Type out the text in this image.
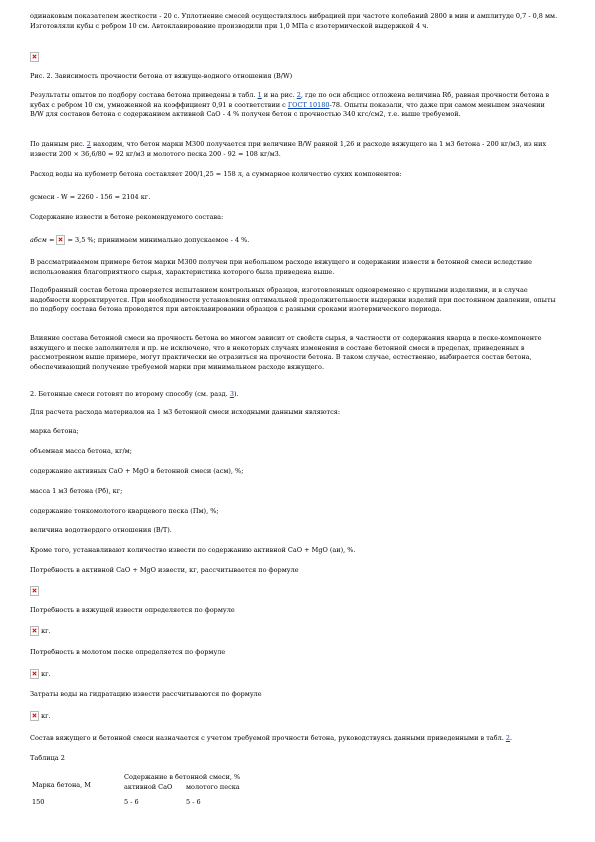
одинаковым показателем жесткости - 20 с. Уплотнение смесей осуществлялось вибрацией при частоте колебаний 2800 в мин и амплитуде 0,7 - 0,8 мм. Изготовляли кубы с ребром 10 см. Автоклавирование производили при 1,0 МПа с изотермической выдержкой 4 ч.

Рис. 2. Зависимость прочности бетона от вяжуще-водного отношения (В/W)

Результаты опытов по подбору состава бетона приведены в табл. 1 и на рис. 2, где по оси абсцисс отложена величина Rб, равная прочности бетона в кубах с ребром 10 см, умноженной на коэффициент 0,91 в соответствии с ГОСТ 10180-78. Опыты показали, что даже при самом меньшем значении В/W для составов бетона с содержанием активной СаО - 4 % получен бетон с прочностью 340 кгс/см2, т.е. выше требуемой.

По данным рис. 2 находим, что бетон марки М300 получается при величине В/W равной 1,26 и расходе вяжущего на 1 м3 бетона - 200 кг/м3, из них извести 200 × 36,6/80 = 92 кг/м3 и молотого песка 200 - 92 = 108 кг/м3.

Расход воды на кубометр бетона составляет 200/1,25 = 158 л, а суммарное количество сухих компонентов:

gсмеси - W = 2260 - 156 = 2104 кг.

Содержание извести в бетоне рекомендуемого состава:

aбсм =  = 3,5 %; принимаем минимально допускаемое - 4 %.

В рассматриваемом примере бетон марки М300 получен при небольшом расходе вяжущего и содержании извести в бетонной смеси вследствие использования благоприятного сырья, характеристика которого была приведена выше.

Подобранный состав бетона проверяется испытанием контрольных образцов, изготовленных одновременно с крупными изделиями, и в случае надобности корректируется. При необходимости установления оптимальной продолжительности выдержки изделий при постоянном давлении, опыты по подбору состава бетона проводятся при автоклавировании образцов с разными сроками изотермического периода.

Влияние состава бетонной смеси на прочность бетона во многом зависит от свойств сырья, в частности от содержания кварца в песке-компоненте вяжущего и песке заполнителя и пр. не исключено, что в некоторых случаях изменения в составе бетонной смеси в пределах, приведенных в рассмотренном выше примере, могут практически не отразиться на прочности бетона. В таком случае, естественно, выбирается состав бетона, обеспечивающий получение требуемой марки при минимальном расходе вяжущего.

2. Бетонные смеси готовят по второму способу (см. разд. 3).

Для расчета расхода материалов на 1 м3 бетонной смеси исходными данными являются:

марка бетона;

объемная масса бетона, кг/м;

содержание активных CaO + MgO в бетонной смеси (aсм), %;

масса 1 м3 бетона (Pб), кг;

содержание тонкомолотого кварцевого песка (Пм), %;

величина водотвердого отношения (В/Т).

Кроме того, устанавливают количество извести по содержанию активной CaO + MgO (aи), %.

Потребность в активной CaO + MgO извести, кг, рассчитывается по формуле

Потребность в вяжущей извести определяется по формуле

кг.

Потребность в молотом песке определяется по формуле

кг.

Затраты воды на гидратацию извести рассчитываются по формуле

кг.

Состав вяжущего и бетонной смеси назначается с учетом требуемой прочности бетона, руководствуясь данными приведенными в табл. 2.

Таблица 2

Марка бетона, М	Содержание в бетонной смеси, %	
	активной CaO	молотого песка
150	5 - 6	5 - 6
